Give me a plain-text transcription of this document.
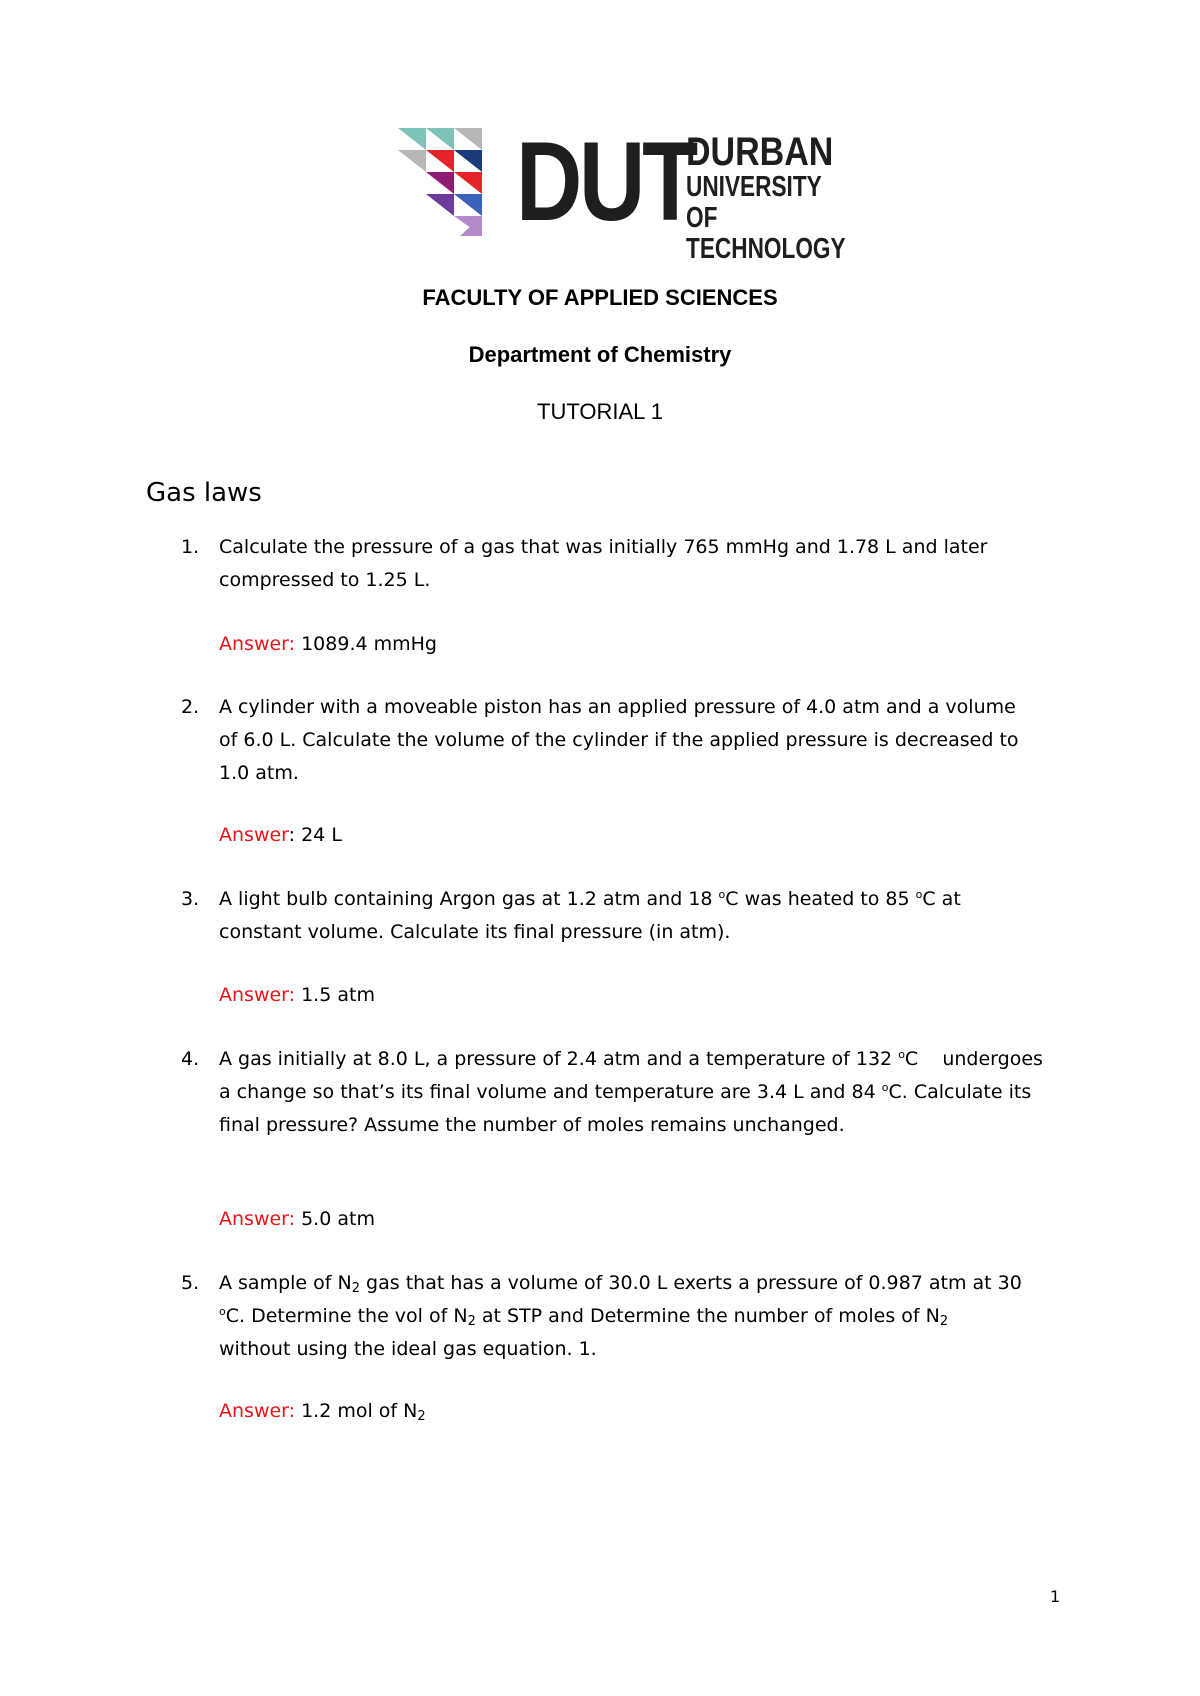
DUT
DURBAN
UNIVERSITY OF
TECHNOLOGY
FACULTY OF APPLIED SCIENCES
Department of Chemistry
TUTORIAL 1
Gas laws
1. Calculate the pressure of a gas that was initially 765 mmHg and 1.78 L and later
compressed to 1.25 L.
Answer: 1089.4 mmHg
2. A cylinder with a moveable piston has an applied pressure of 4.0 atm and a volume
of 6.0 L. Calculate the volume of the cylinder if the applied pressure is decreased to
1.0 atm.
Answer: 24 L
3. A light bulb containing Argon gas at 1.2 atm and 18 $^o$C was heated to 85 $^o$C at
constant volume. Calculate its final pressure (in atm).
Answer: 1.5 atm
4. A gas initially at 8.0 L, a pressure of 2.4 atm and a temperature of 132 $^o$C    undergoes
a change so that’s its final volume and temperature are 3.4 L and 84 $^o$C. Calculate its
final pressure? Assume the number of moles remains unchanged.
Answer: 5.0 atm
5. A sample of $N_2$ gas that has a volume of 30.0 L exerts a pressure of 0.987 atm at 30
$^o$C. Determine the vol of $N_2$ at STP and Determine the number of moles of $N_2$
without using the ideal gas equation. 1.
Answer: 1.2 mol of $N_2$
1
